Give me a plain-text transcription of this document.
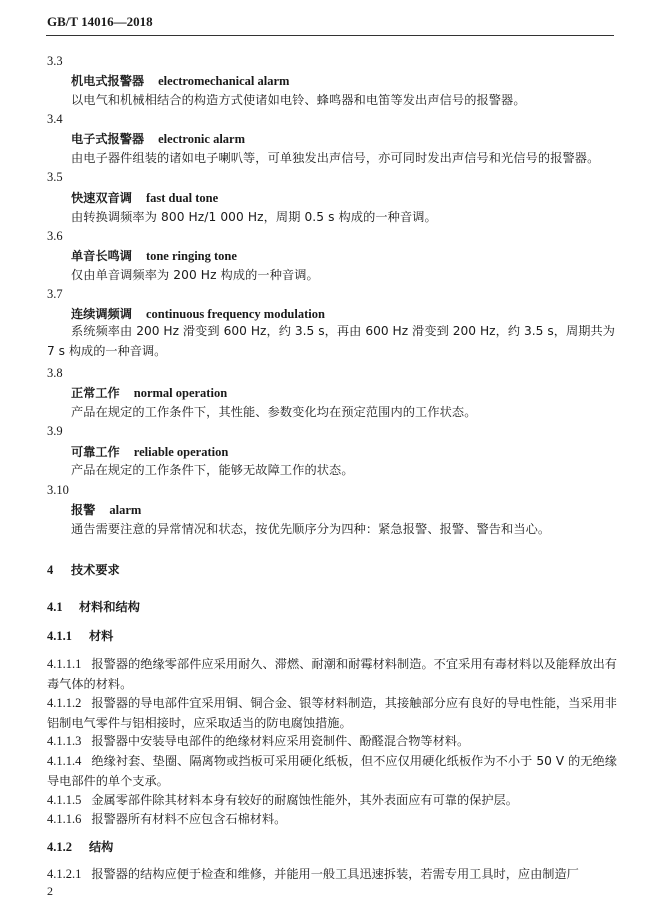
GB/T 14016—2018
3.3
机电式报警器 electromechanical alarm
以电气和机械相结合的构造方式使诸如电铃、蜂鸣器和电笛等发出声信号的报警器。
3.4
电子式报警器 electronic alarm
由电子器件组装的诸如电子喇叭等，可单独发出声信号，亦可同时发出声信号和光信号的报警器。
3.5
快速双音调 fast dual tone
由转换调频率为 800 Hz/1 000 Hz，周期 0.5 s 构成的一种音调。
3.6
单音长鸣调 tone ringing tone
仅由单音调频率为 200 Hz 构成的一种音调。
3.7
连续调频调 continuous frequency modulation
系统频率由 200 Hz 滑变到 600 Hz，约 3.5 s，再由 600 Hz 滑变到 200 Hz，约 3.5 s，周期共为 7 s 构成的一种音调。
3.8
正常工作 normal operation
产品在规定的工作条件下，其性能、参数变化均在预定范围内的工作状态。
3.9
可靠工作 reliable operation
产品在规定的工作条件下，能够无故障工作的状态。
3.10
报警 alarm
通告需要注意的异常情况和状态，按优先顺序分为四种：紧急报警、报警、警告和当心。
4 技术要求
4.1 材料和结构
4.1.1 材料
4.1.1.1 报警器的绝缘零部件应采用耐久、滞燃、耐潮和耐霉材料制造。不宜采用有毒材料以及能释放出有毒气体的材料。
4.1.1.2 报警器的导电部件宜采用铜、铜合金、银等材料制造，其接触部分应有良好的导电性能，当采用非铝制电气零件与铝相接时，应采取适当的防电腐蚀措施。
4.1.1.3 报警器中安装导电部件的绝缘材料应采用瓷制件、酚醛混合物等材料。
4.1.1.4 绝缘衬套、垫圈、隔离物或挡板可采用硬化纸板，但不应仅用硬化纸板作为不小于 50 V 的无绝缘导电部件的单个支承。
4.1.1.5 金属零部件除其材料本身有较好的耐腐蚀性能外，其外表面应有可靠的保护层。
4.1.1.6 报警器所有材料不应包含石棉材料。
4.1.2 结构
4.1.2.1 报警器的结构应便于检查和维修，并能用一般工具迅速拆装，若需专用工具时，应由制造厂
2
